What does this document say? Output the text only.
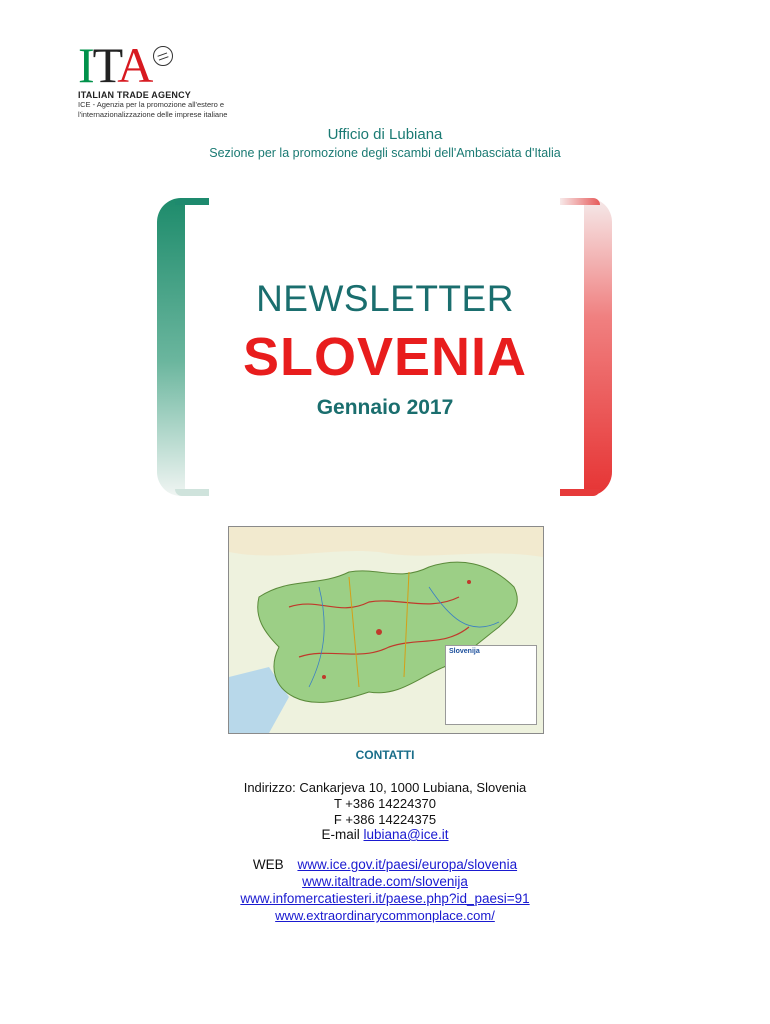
ITA
ITALIAN TRADE AGENCY
ICE - Agenzia per la promozione all'estero e
l'internazionalizzazione delle imprese italiane
Ufficio di Lubiana
Sezione per la promozione degli scambi dell'Ambasciata d'Italia
NEWSLETTER
SLOVENIA
Gennaio 2017
Slovenija
CONTATTI
Indirizzo: Cankarjeva 10, 1000 Lubiana, Slovenia
T +386 14224370
F +386 14224375
E-mail lubiana@ice.it
WEB www.ice.gov.it/paesi/europa/slovenia
www.italtrade.com/slovenija
www.infomercatiesteri.it/paese.php?id_paesi=91
www.extraordinarycommonplace.com/
